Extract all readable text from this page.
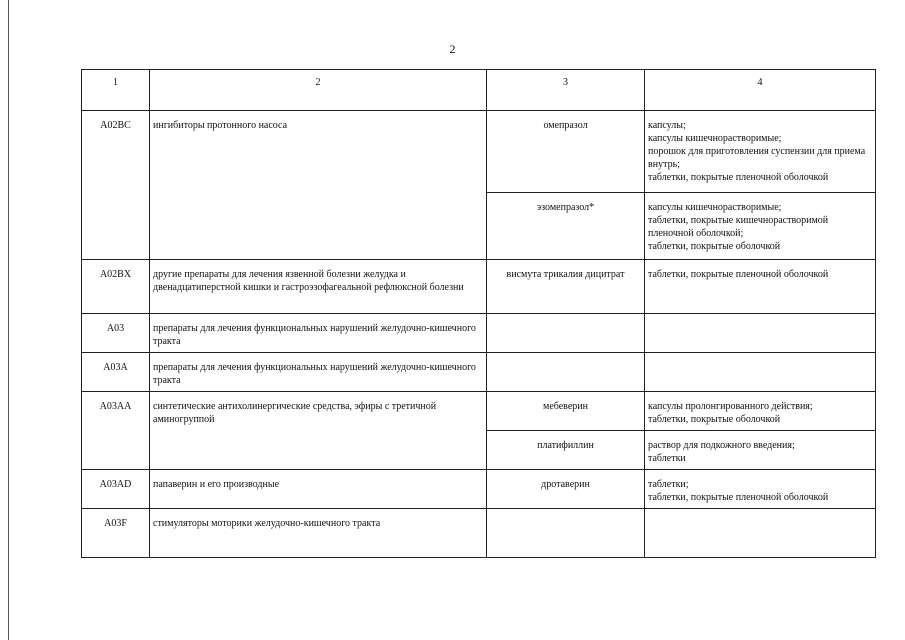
2
1	2	3	4
A02BC	ингибиторы протонного насоса	омепразол	капсулы;
капсулы кишечнорастворимые;
порошок для приготовления суспензии для приема внутрь;
таблетки, покрытые пленочной оболочкой

		эзомепразол*	капсулы кишечнорастворимые;
таблетки, покрытые кишечнорастворимой пленочной оболочкой;
таблетки, покрытые оболочкой

A02BX	другие препараты для лечения язвенной болезни желудка и двенадцатиперстной кишки и гастроэзофагеальной рефлюксной болезни	висмута трикалия дицитрат	таблетки, покрытые пленочной оболочкой

A03	препараты для лечения функциональных нарушений желудочно-кишечного тракта		
A03A	препараты для лечения функциональных нарушений желудочно-кишечного тракта		
A03AA	синтетические антихолинергические средства, эфиры с третичной аминогруппой	мебеверин	капсулы пролонгированного действия;
таблетки, покрытые оболочкой

		платифиллин	раствор для подкожного введения;
таблетки

A03AD	папаверин и его производные	дротаверин	таблетки;
таблетки, покрытые пленочной оболочкой

A03F	стимуляторы моторики желудочно-кишечного тракта		
